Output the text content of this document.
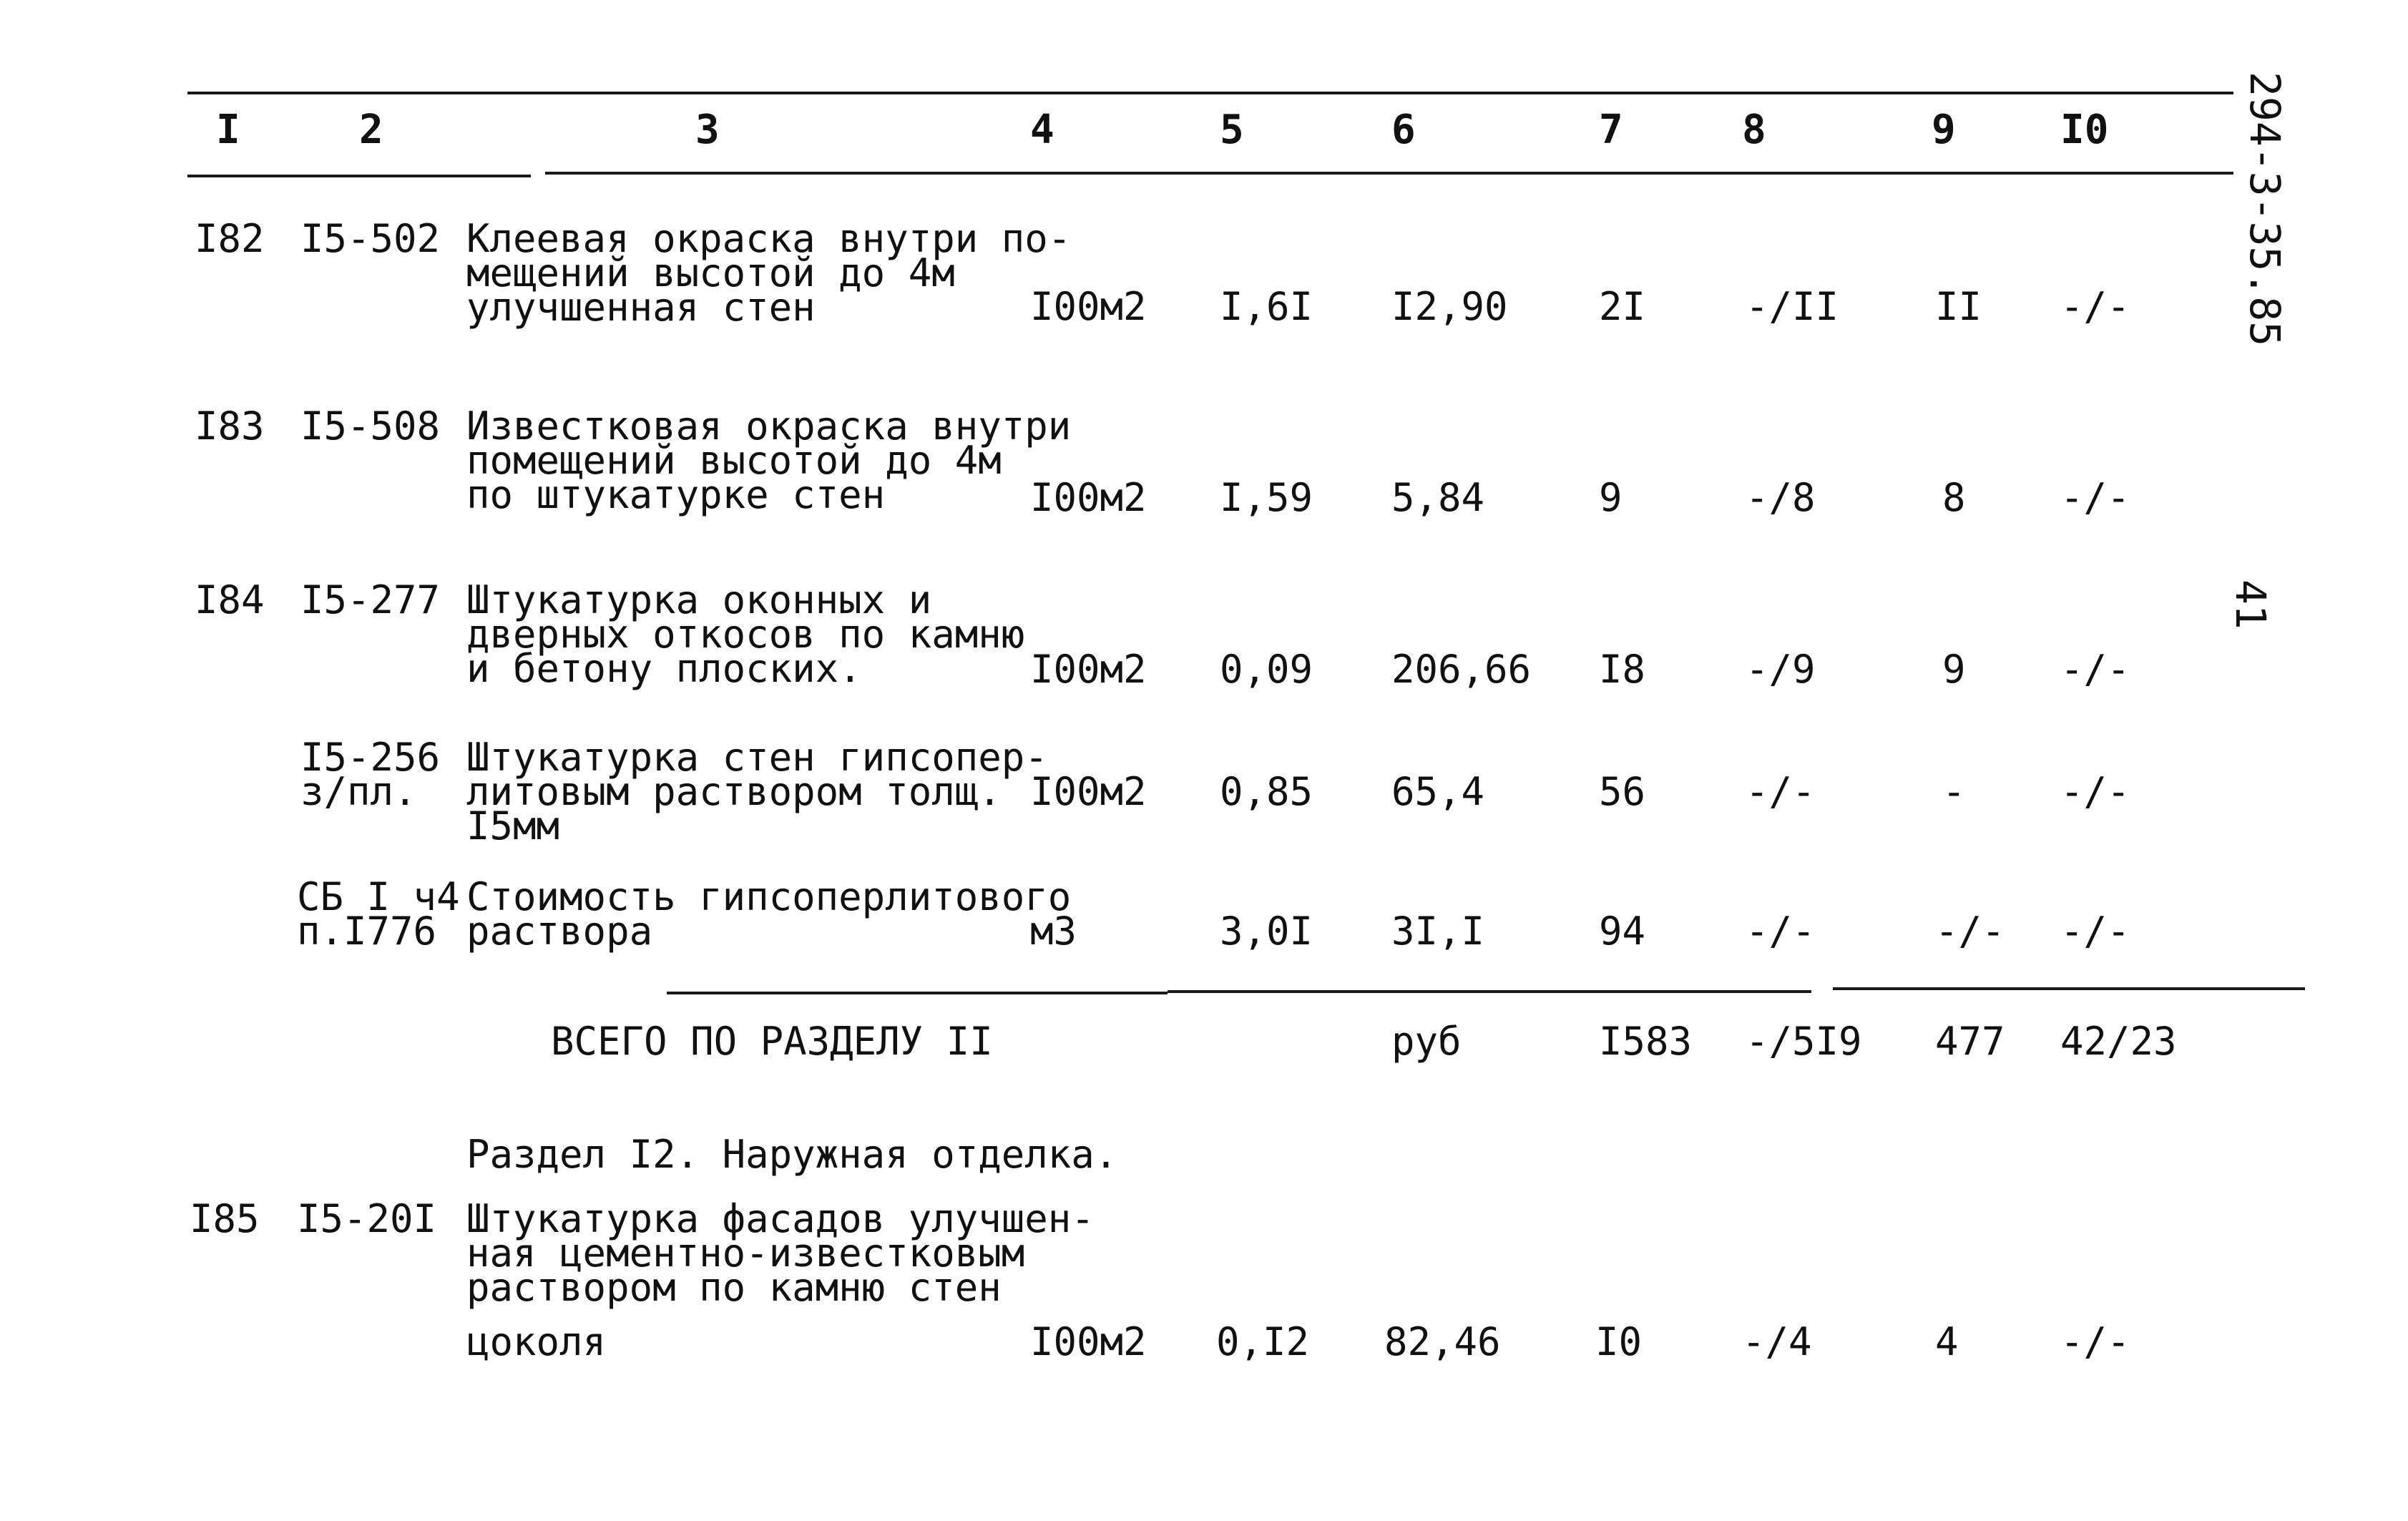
I	2	3	4	5	6	7	8	9	I0	294-3-35.85
41
I82 I5-502 Клеевая окраска внутри по-
мещений высотой до 4м
улучшенная стен	I00м2 I,6I I2,90 2I	-/II II -/-
I83 I5-508 Известковая окраска внутри
помещений высотой до 4м
по штукатурке стен	I00м2 I,59 5,84	9	-/8	8 -/-
I84 I5-277 Штукатурка оконных и
дверных откосов по камню
и бетону плоских.	I00м2 0,09 206,66 I8	-/9	9 -/-
I5-256
з/пл.
Штукатурка стен гипсопер-
литовым раствором толщ.
I5мм
I00м2 0,85 65,4	56	-/-	- -/-
СБ I ч4
п.I776
Стоимость гипсоперлитового
раствора	м3	3,0I 3I,I	94	-/-	-/- -/-
ВСЕГО ПО РАЗДЕЛУ II	руб	I583 -/5I9 477 42/23
Раздел I2. Наружная отделка.
I85 I5-20I Штукатурка фасадов улучшен-
ная цементно-известковым
раствором по камню стен
цоколя	I00м2 0,I2 82,46 I0	-/4	4	-/-
